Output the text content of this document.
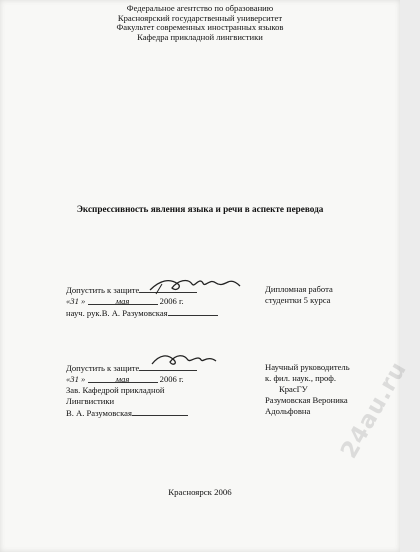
Федеральное агентство по образованию
Красноярский государственный университет
Факультет современных иностранных языков
Кафедра прикладной лингвистики
Экспрессивность явления языка и речи в аспекте перевода
Допустить к защите
«31 »	мая	2006 г.
науч. рук.В. А. Разумовская
Дипломная работа
студентки 5 курса
Допустить к защите
«31 »	мая	2006 г.
Зав. Кафедрой прикладной
Лингвистики
В. А. Разумовская
Научный руководитель
к. фил. наук., проф.
КрасГУ
Разумовская Вероника
Адольфовна
Красноярск 2006
24au.ru
